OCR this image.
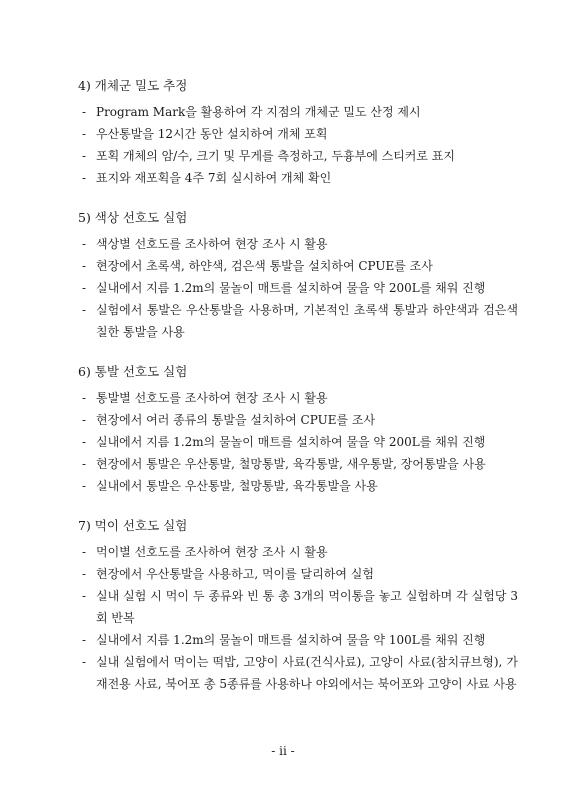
4) 개체군 밀도 추정
- Program Mark을 활용하여 각 지점의 개체군 밀도 산정 제시
- 우산통발을 12시간 동안 설치하여 개체 포획
- 포획 개체의 암/수, 크기 및 무게를 측정하고, 두흉부에 스티커로 표지
- 표지와 재포획을 4주 7회 실시하여 개체 확인
5) 색상 선호도 실험
- 색상별 선호도를 조사하여 현장 조사 시 활용
- 현장에서 초록색, 하얀색, 검은색 통발을 설치하여 CPUE를 조사
- 실내에서 지름 1.2m의 물놀이 매트를 설치하여 물을 약 200L를 채워 진행
- 실험에서 통발은 우산통발을 사용하며, 기본적인 초록색 통발과 하얀색과 검은색 칠한 통발을 사용
6) 통발 선호도 실험
- 통발별 선호도를 조사하여 현장 조사 시 활용
- 현장에서 여러 종류의 통발을 설치하여 CPUE를 조사
- 실내에서 지름 1.2m의 물놀이 매트를 설치하여 물을 약 200L를 채워 진행
- 현장에서 통발은 우산통발, 철망통발, 육각통발, 새우통발, 장어통발을 사용
- 실내에서 통발은 우산통발, 철망통발, 육각통발을 사용
7) 먹이 선호도 실험
- 먹이별 선호도를 조사하여 현장 조사 시 활용
- 현장에서 우산통발을 사용하고, 먹이를 달리하여 실험
- 실내 실험 시 먹이 두 종류와 빈 통 총 3개의 먹이통을 놓고 실험하며 각 실험당 3회 반복
- 실내에서 지름 1.2m의 물놀이 매트를 설치하여 물을 약 100L를 채워 진행
- 실내 실험에서 먹이는 떡밥, 고양이 사료(건식사료), 고양이 사료(참치큐브형), 가재전용 사료, 북어포 총 5종류를 사용하나 야외에서는 북어포와 고양이 사료 사용
- ii -
